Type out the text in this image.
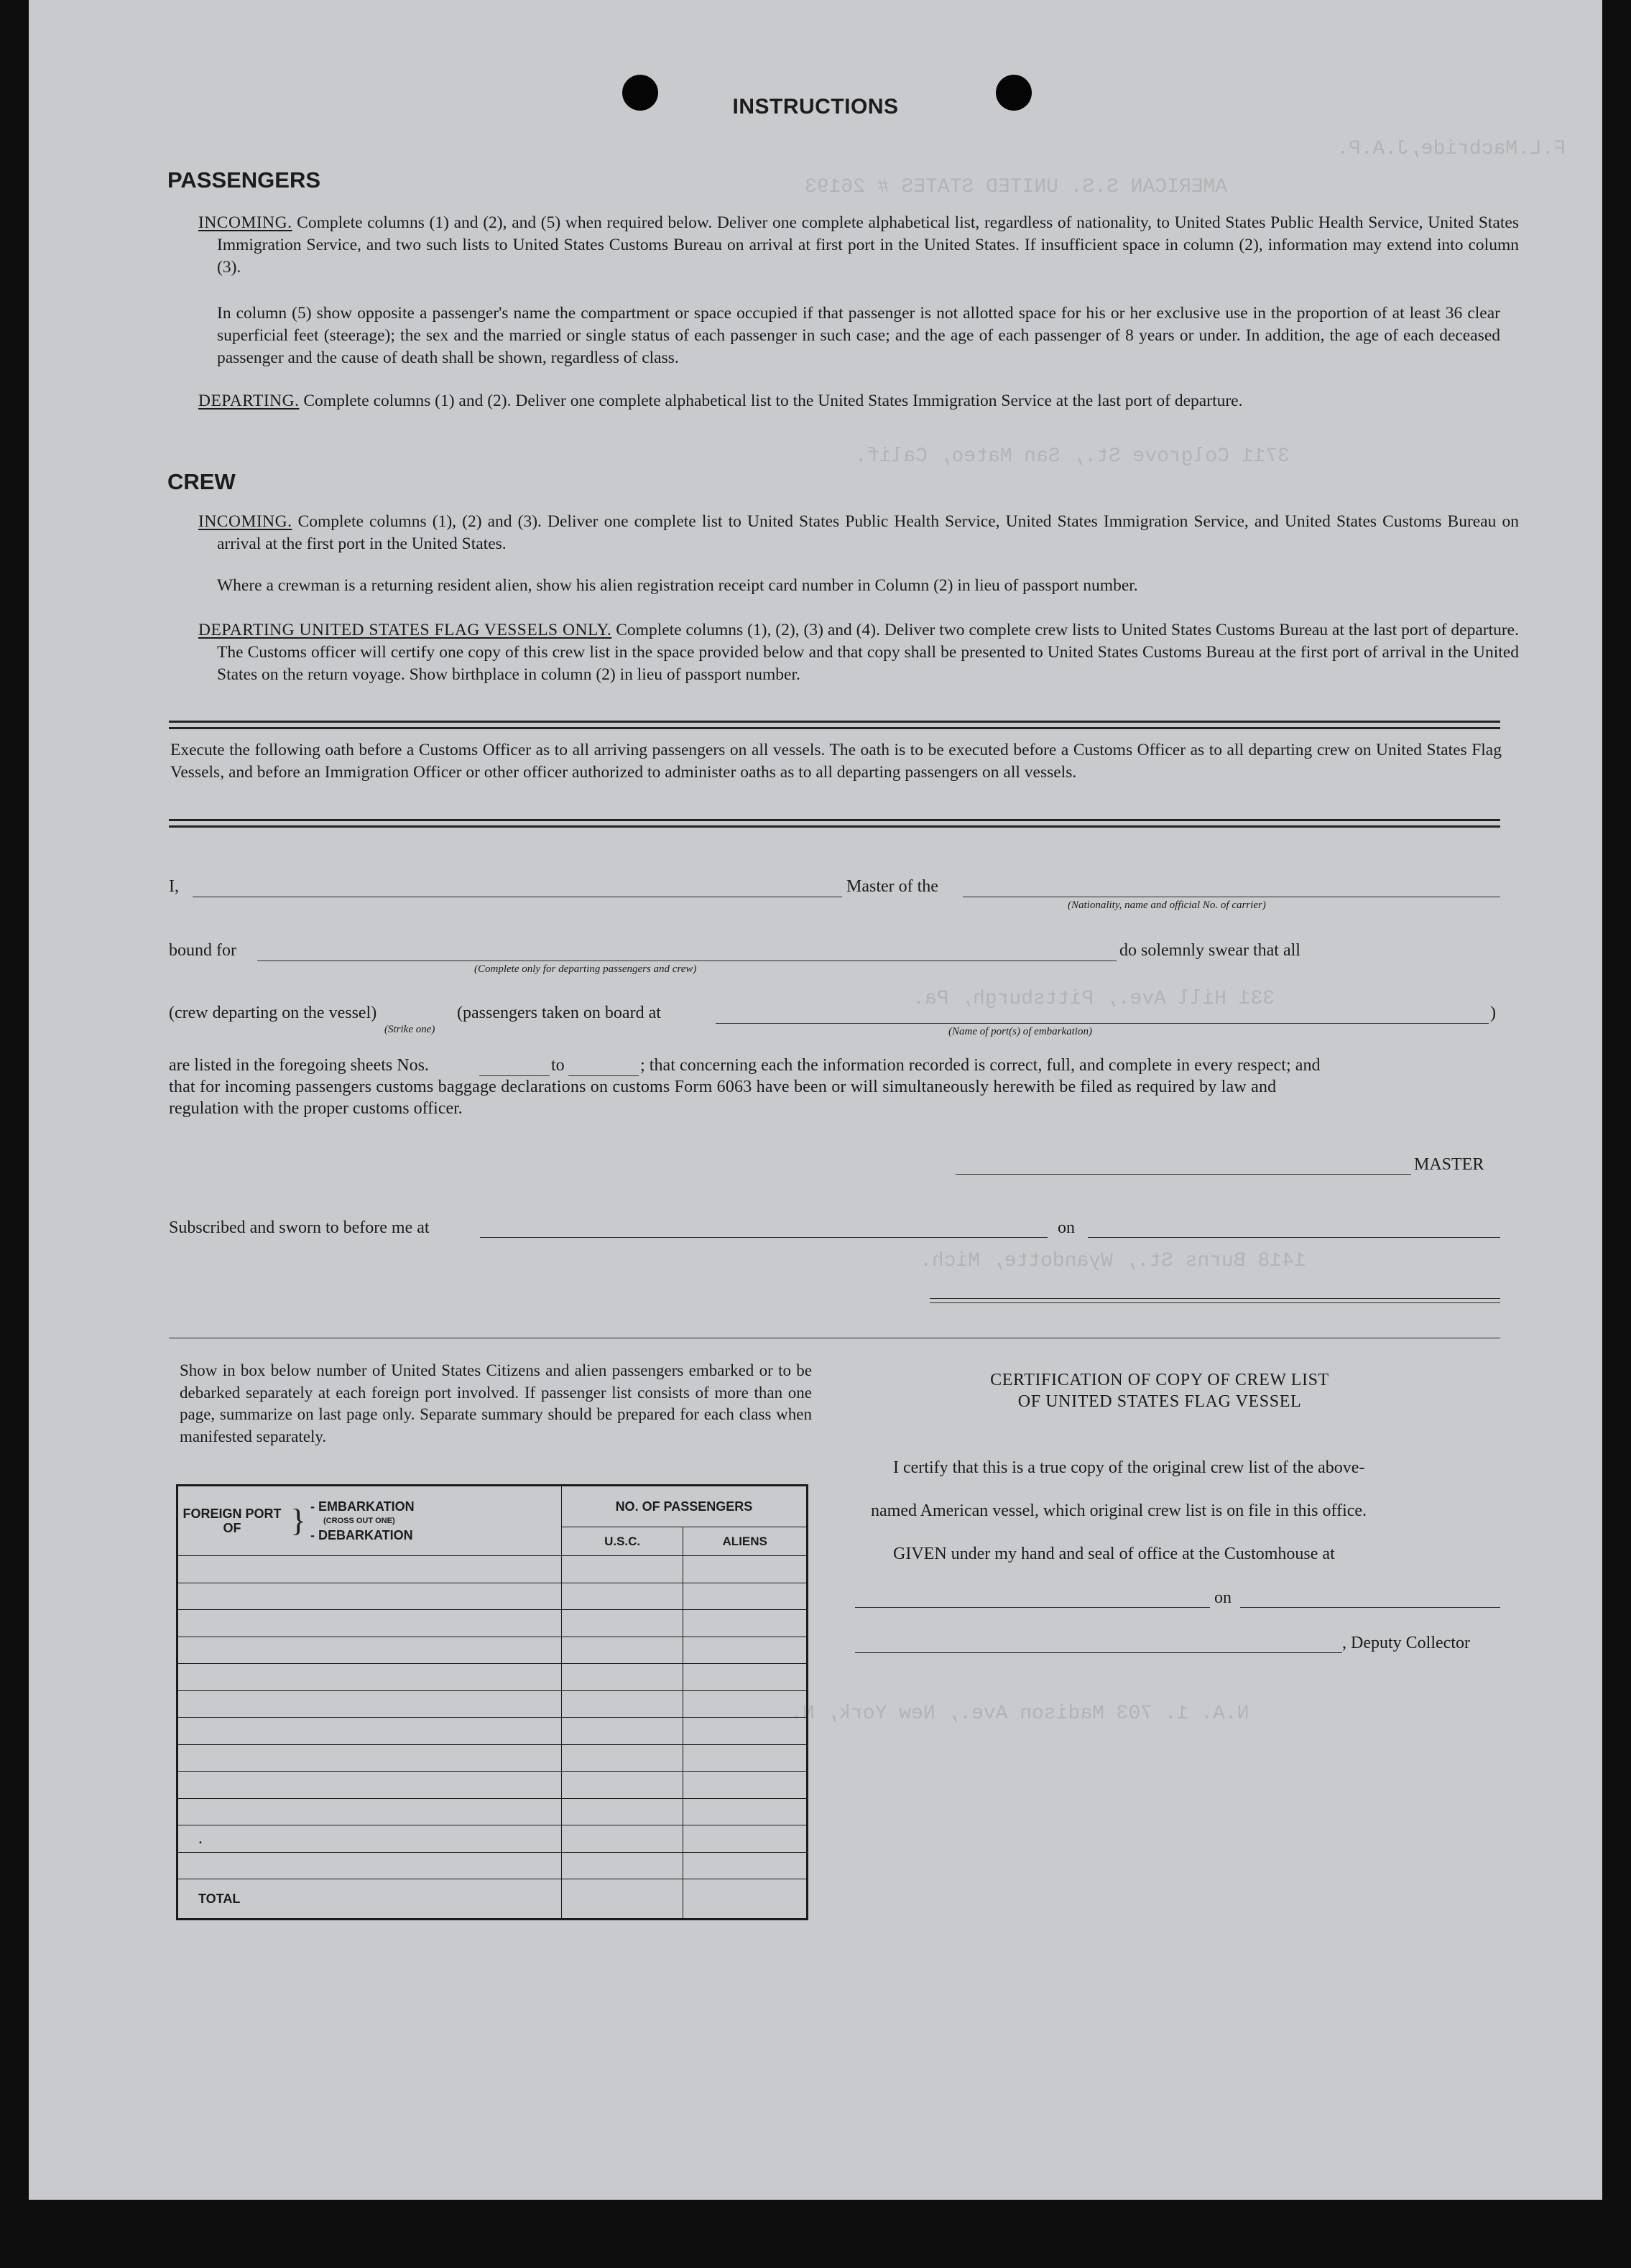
F.L.Macbride,J.A.P.
AMERICAN S.S. UNITED STATES # 26193
3711 Colgrove St., San Mateo, Calif.
331 Hill Ave., Pittsburgh, Pa.
1418 Burns St., Wyandotte, Mich.
N.A. 1. 703 Madison Ave., New York, N.
INSTRUCTIONS
PASSENGERS
INCOMING. Complete columns (1) and (2), and (5) when required below. Deliver one complete alphabetical list, regardless of nationality, to United States Public Health Service, United States Immigration Service, and two such lists to United States Customs Bureau on arrival at first port in the United States. If insufficient space in column (2), information may extend into column (3).
In column (5) show opposite a passenger's name the compartment or space occupied if that passenger is not allotted space for his or her exclusive use in the proportion of at least 36 clear superficial feet (steerage); the sex and the married or single status of each passenger in such case; and the age of each passenger of 8 years or under. In addition, the age of each deceased passenger and the cause of death shall be shown, regardless of class.
DEPARTING. Complete columns (1) and (2). Deliver one complete alphabetical list to the United States Immigration Service at the last port of departure.
CREW
INCOMING. Complete columns (1), (2) and (3). Deliver one complete list to United States Public Health Service, United States Immigration Service, and United States Customs Bureau on arrival at the first port in the United States.
Where a crewman is a returning resident alien, show his alien registration receipt card number in Column (2) in lieu of passport number.
DEPARTING UNITED STATES FLAG VESSELS ONLY. Complete columns (1), (2), (3) and (4). Deliver two complete crew lists to United States Customs Bureau at the last port of departure. The Customs officer will certify one copy of this crew list in the space provided below and that copy shall be presented to United States Customs Bureau at the first port of arrival in the United States on the return voyage. Show birthplace in column (2) in lieu of passport number.
Execute the following oath before a Customs Officer as to all arriving passengers on all vessels. The oath is to be executed before a Customs Officer as to all departing crew on United States Flag Vessels, and before an Immigration Officer or other officer authorized to administer oaths as to all departing passengers on all vessels.
I,	Master of the
(Nationality, name and official No. of carrier)
bound for	do solemnly swear that all
(Complete only for departing passengers and crew)
(crew departing on the vessel)
(Strike one)
(passengers taken on board at	)
(Name of port(s) of embarkation)
are listed in the foregoing sheets Nos.	to	; that concerning each the information recorded is correct, full, and complete in every respect; and
that for incoming passengers customs baggage declarations on customs Form 6063 have been or will simultaneously herewith be filed as required by law and
regulation with the proper customs officer.
MASTER
Subscribed and sworn to before me at	on
Show in box below number of United States Citizens and alien passengers embarked or to be debarked separately at each foreign port involved. If passenger list consists of more than one page, summarize on last page only. Separate summary should be prepared for each class when manifested separately.
FOREIGN PORT OF } - EMBARKATION
(CROSS OUT ONE)
- DEBARKATION	NO. OF PASSENGERS	
	U.S.C.	ALIENS

.		

TOTAL		
CERTIFICATION OF COPY OF CREW LIST
OF UNITED STATES FLAG VESSEL
I certify that this is a true copy of the original crew list of the above-
named American vessel, which original crew list is on file in this office.
GIVEN under my hand and seal of office at the Customhouse at
on
, Deputy Collector
